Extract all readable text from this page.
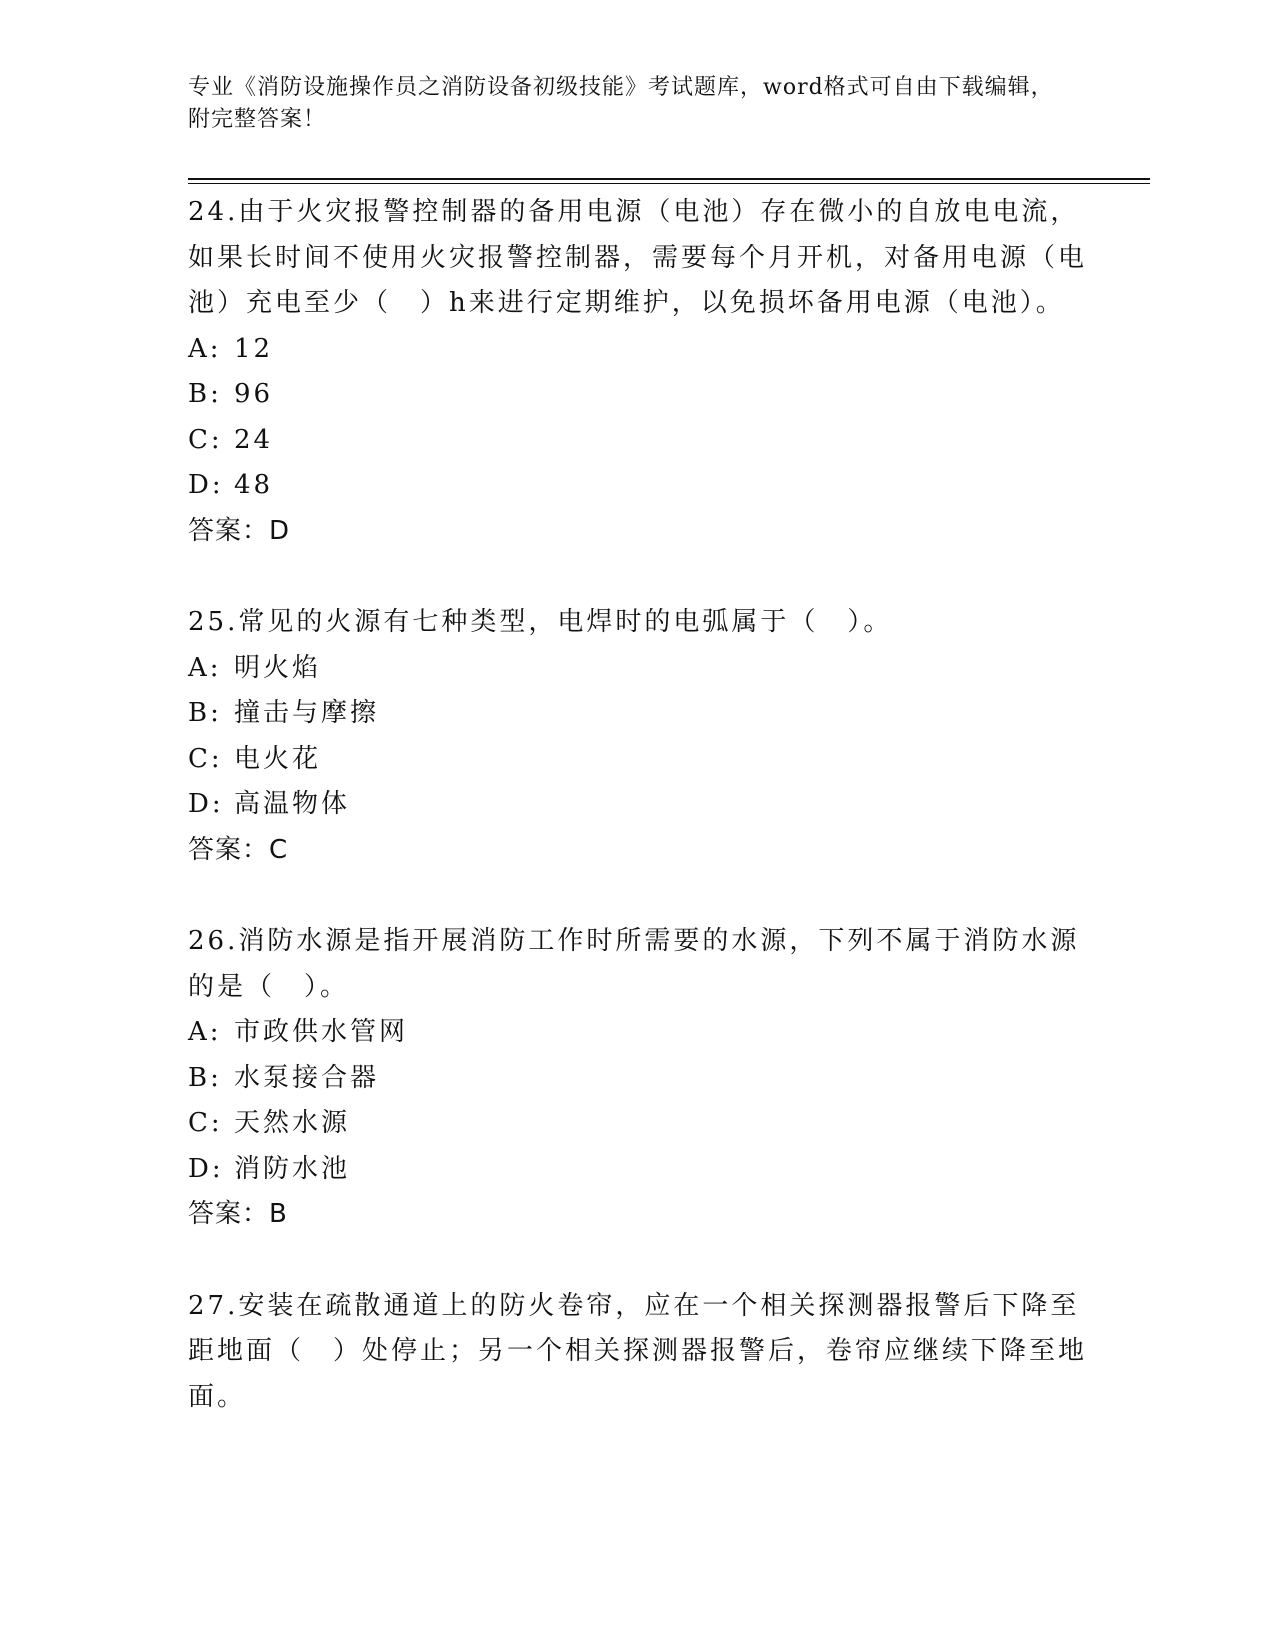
专业《消防设施操作员之消防设备初级技能》考试题库，word格式可自由下载编辑，附完整答案！

24.由于火灾报警控制器的备用电源（电池）存在微小的自放电电流，如果长时间不使用火灾报警控制器，需要每个月开机，对备用电源（电池）充电至少（　）h来进行定期维护，以免损坏备用电源（电池）。

A: 12
B: 96
C: 24
D: 48

答案：D

25.常见的火源有七种类型，电焊时的电弧属于（　）。

A: 明火焰
B: 撞击与摩擦
C: 电火花
D: 高温物体

答案：C

26.消防水源是指开展消防工作时所需要的水源，下列不属于消防水源的是（　）。

A: 市政供水管网
B: 水泵接合器
C: 天然水源
D: 消防水池

答案：B

27.安装在疏散通道上的防火卷帘，应在一个相关探测器报警后下降至距地面（　）处停止；另一个相关探测器报警后，卷帘应继续下降至地面。
